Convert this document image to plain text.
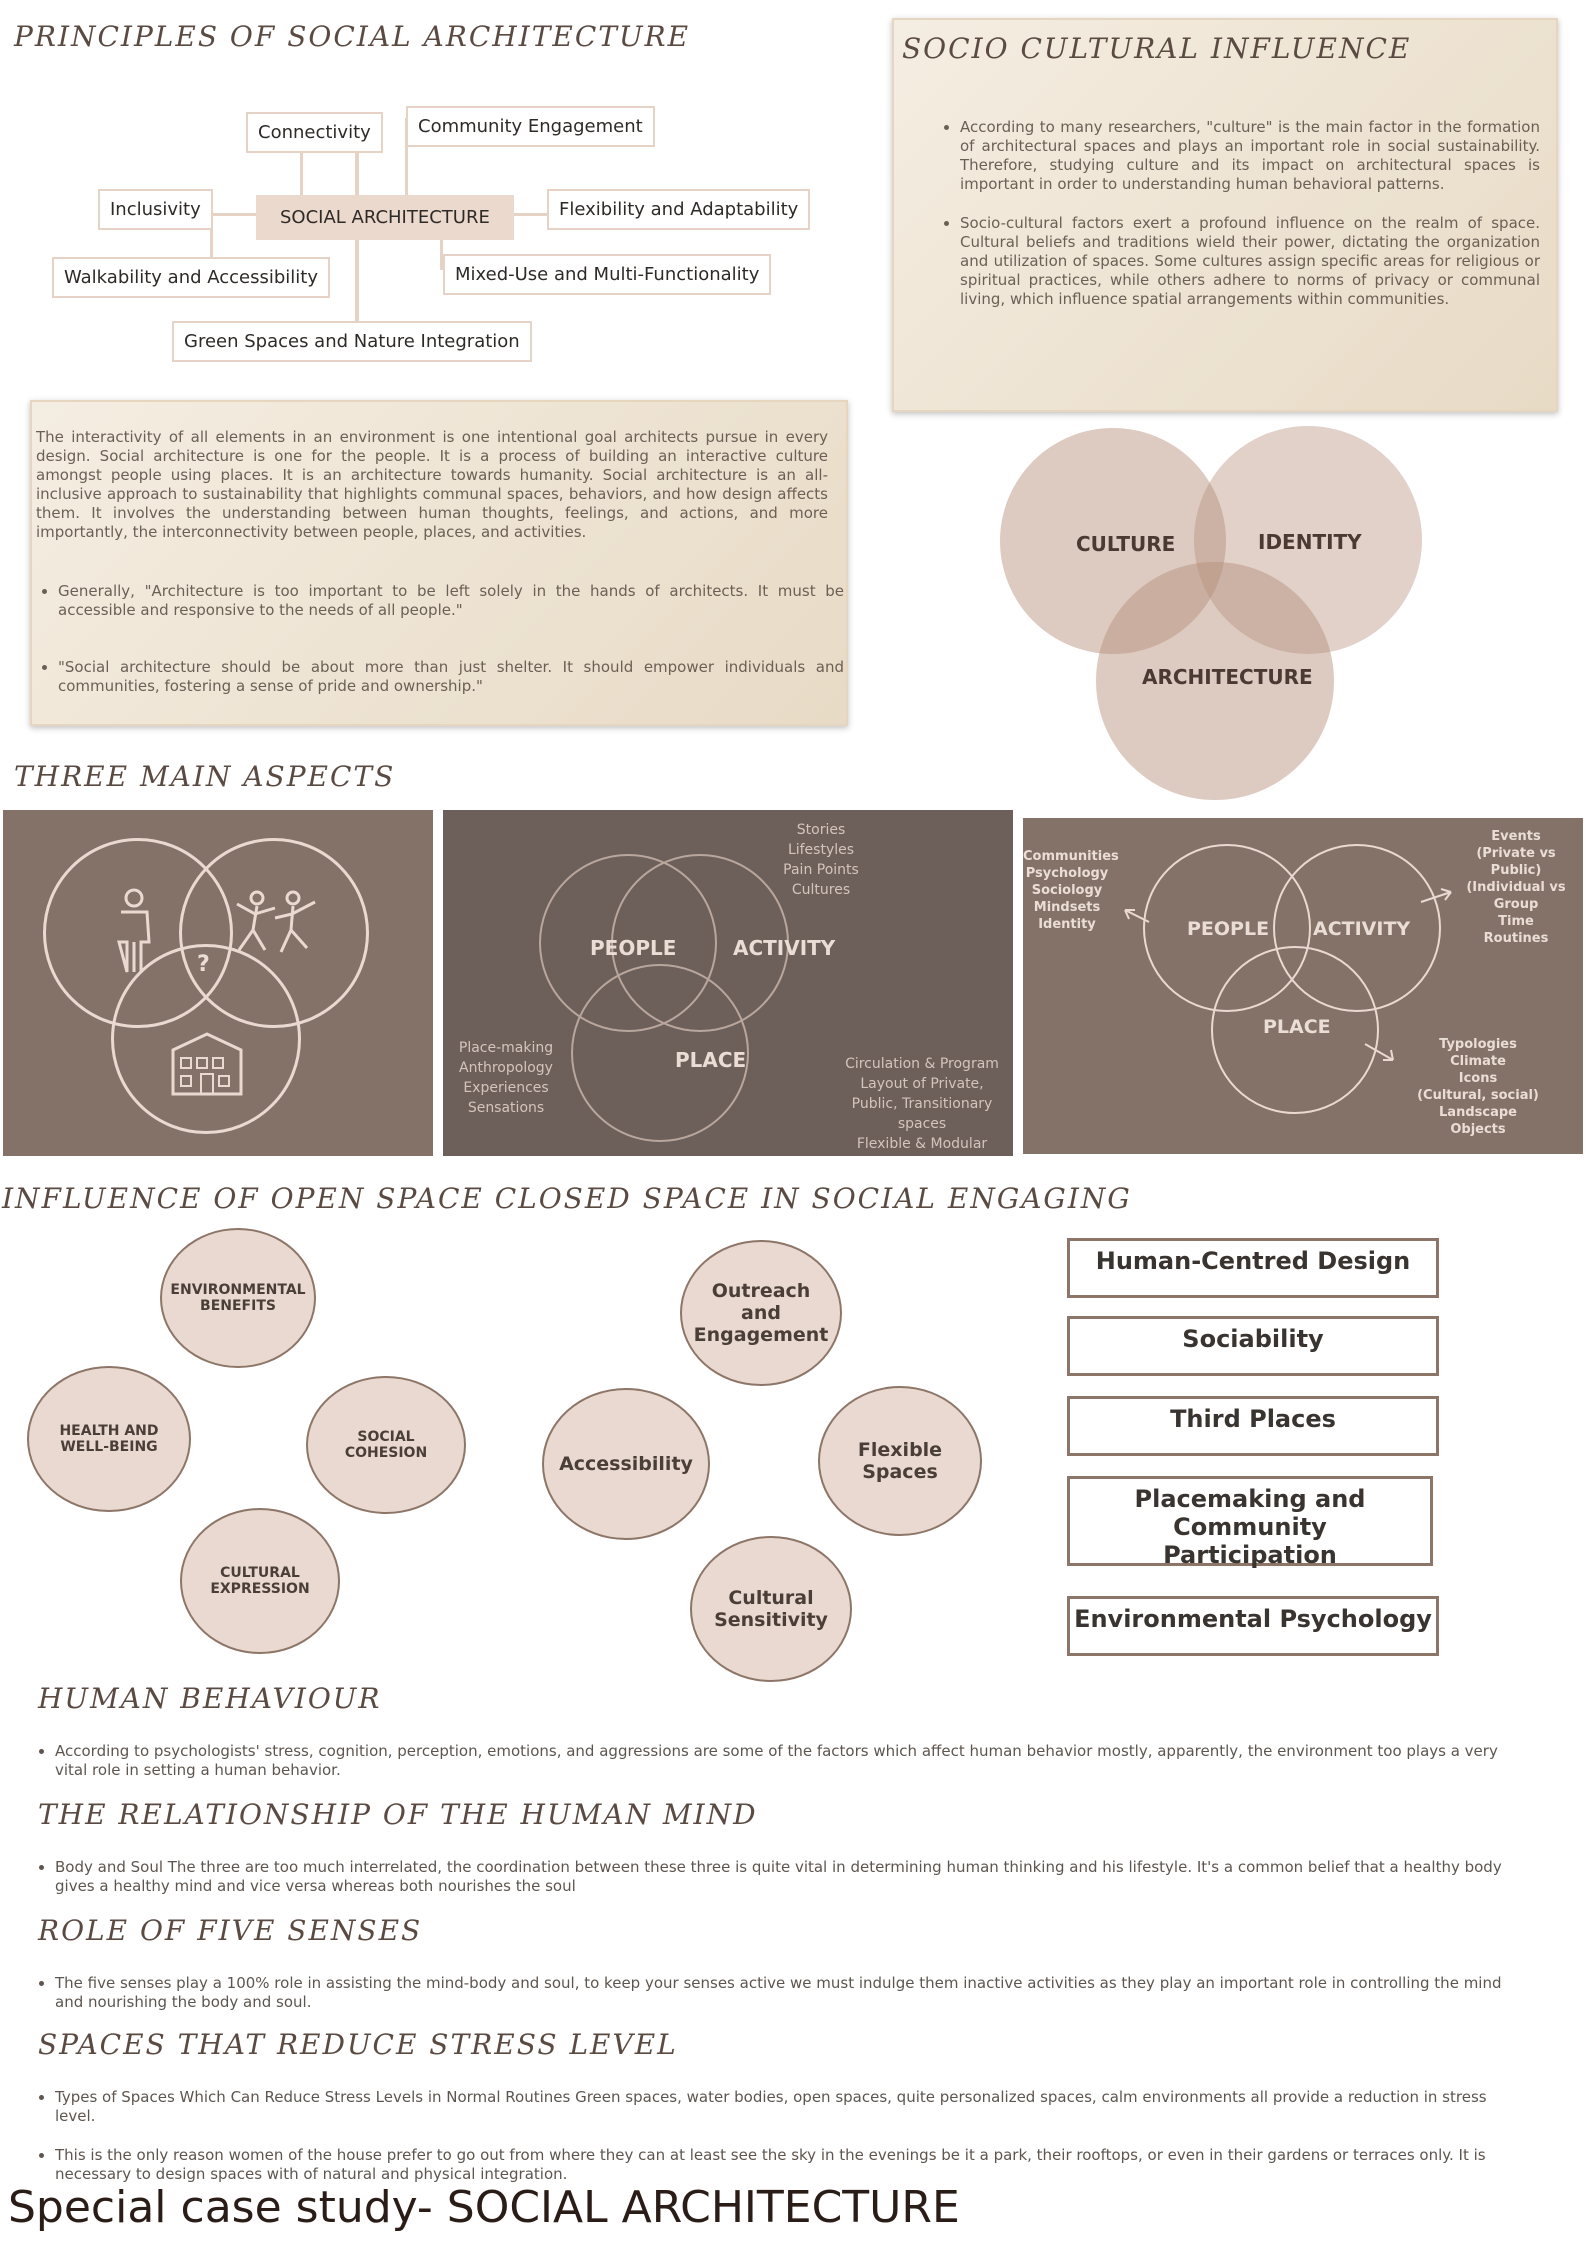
PRINCIPLES OF SOCIAL ARCHITECTURE
Connectivity	Community Engagement
Inclusivity	SOCIAL ARCHITECTURE	Flexibility and Adaptability
Walkability and Accessibility	Mixed-Use and Multi-Functionality
Green Spaces and Nature Integration
SOCIO CULTURAL INFLUENCE
• According to many researchers, "culture" is the main factor in the formation of architectural spaces and plays an important role in social sustainability. Therefore, studying culture and its impact on architectural spaces is important in order to understanding human behavioral patterns.
• Socio-cultural factors exert a profound influence on the realm of space. Cultural beliefs and traditions wield their power, dictating the organization and utilization of spaces. Some cultures assign specific areas for religious or spiritual practices, while others adhere to norms of privacy or communal living, which influence spatial arrangements within communities.

The interactivity of all elements in an environment is one intentional goal architects pursue in every design. Social architecture is one for the people. It is a process of building an interactive culture amongst people using places. It is an architecture towards humanity. Social architecture is an all-inclusive approach to sustainability that highlights communal spaces, behaviors, and how design affects them. It involves the understanding between human thoughts, feelings, and actions, and more importantly, the interconnectivity between people, places, and activities.

• Generally, "Architecture is too important to be left solely in the hands of architects. It must be accessible and responsive to the needs of all people."
• "Social architecture should be about more than just shelter. It should empower individuals and communities, fostering a sense of pride and ownership."
CULTURE	IDENTITY
ARCHITECTURE
THREE MAIN ASPECTS
?
PEOPLE	ACTIVITY
PLACE
Stories
Lifestyles
Pain Points
Cultures
Place-making
Anthropology
Experiences
Sensations
Circulation & Program
Layout of Private,
Public, Transitionary
spaces
Flexible & Modular
PEOPLE ACTIVITY
PLACE
Communities
Psychology
Sociology
Mindsets
Identity
Events
(Private vs Public)
(Individual vs Group
Time
Routines
Typologies
Climate
Icons
(Cultural, social)
Landscape
Objects
INFLUENCE OF OPEN SPACE CLOSED SPACE IN SOCIAL ENGAGING
ENVIRONMENTAL BENEFITS
HEALTH AND WELL-BEING
SOCIAL COHESION
CULTURAL EXPRESSION
Outreach and Engagement
Accessibility
Flexible Spaces
Cultural Sensitivity
Human-Centred Design
Sociability
Third Places
Placemaking and Community Participation
Environmental Psychology
HUMAN BEHAVIOUR
• According to psychologists' stress, cognition, perception, emotions, and aggressions are some of the factors which affect human behavior mostly, apparently, the environment too plays a very vital role in setting a human behavior.
THE RELATIONSHIP OF THE HUMAN MIND
• Body and Soul The three are too much interrelated, the coordination between these three is quite vital in determining human thinking and his lifestyle. It's a common belief that a healthy body gives a healthy mind and vice versa whereas both nourishes the soul
ROLE OF FIVE SENSES
• The five senses play a 100% role in assisting the mind-body and soul, to keep your senses active we must indulge them inactive activities as they play an important role in controlling the mind and nourishing the body and soul.
SPACES THAT REDUCE STRESS LEVEL
• Types of Spaces Which Can Reduce Stress Levels in Normal Routines Green spaces, water bodies, open spaces, quite personalized spaces, calm environments all provide a reduction in stress level.
• This is the only reason women of the house prefer to go out from where they can at least see the sky in the evenings be it a park, their rooftops, or even in their gardens or terraces only. It is necessary to design spaces with of natural and physical integration.
Special case study- SOCIAL ARCHITECTURE
